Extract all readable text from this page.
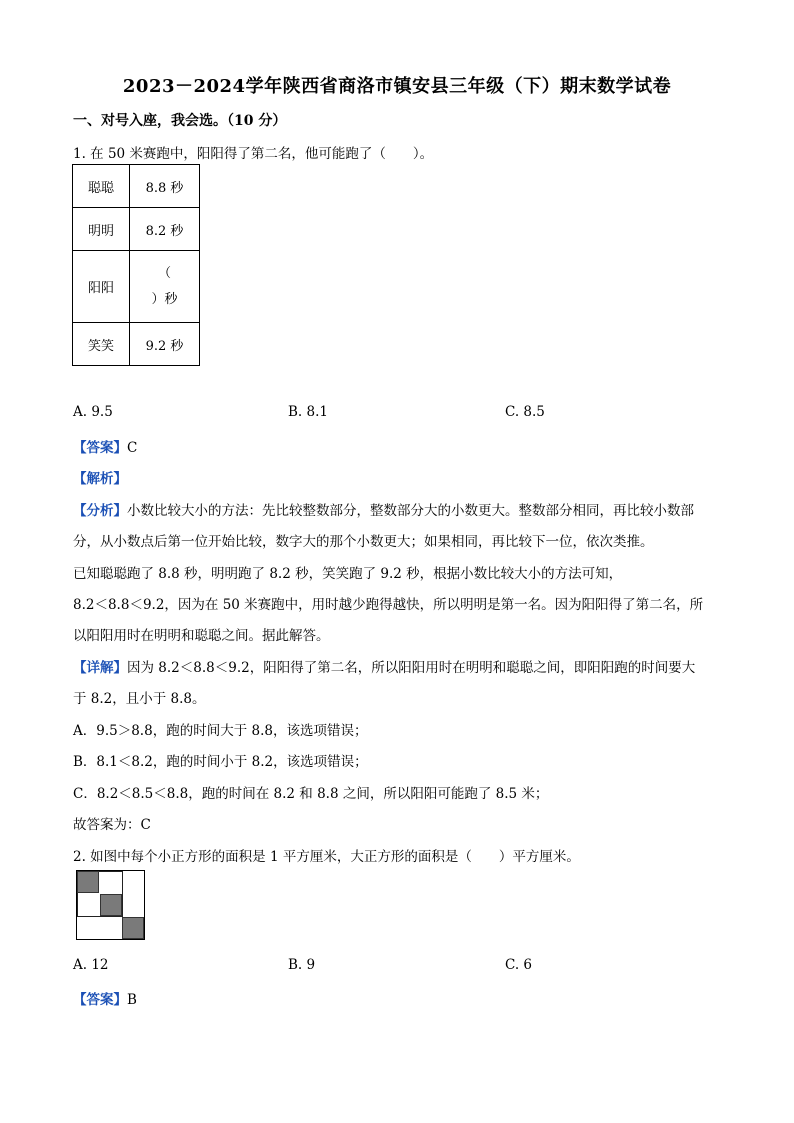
2023－2024学年陕西省商洛市镇安县三年级（下）期末数学试卷
一、对号入座，我会选。（10 分）
1. 在 50 米赛跑中，阳阳得了第二名，他可能跑了（　　）。
聪聪	8.8 秒
明明	8.2 秒
阳阳	（
）秒

笑笑	9.2 秒
A. 9.5	B. 8.1	C. 8.5
【答案】C
【解析】
【分析】小数比较大小的方法：先比较整数部分，整数部分大的小数更大。整数部分相同，再比较小数部
分，从小数点后第一位开始比较，数字大的那个小数更大；如果相同，再比较下一位，依次类推。
已知聪聪跑了 8.8 秒，明明跑了 8.2 秒，笑笑跑了 9.2 秒，根据小数比较大小的方法可知，
8.2＜8.8＜9.2，因为在 50 米赛跑中，用时越少跑得越快，所以明明是第一名。因为阳阳得了第二名，所
以阳阳用时在明明和聪聪之间。据此解答。
【详解】因为 8.2＜8.8＜9.2，阳阳得了第二名，所以阳阳用时在明明和聪聪之间，即阳阳跑的时间要大
于 8.2，且小于 8.8。
A．9.5＞8.8，跑的时间大于 8.8，该选项错误；
B．8.1＜8.2，跑的时间小于 8.2，该选项错误；
C．8.2＜8.5＜8.8，跑的时间在 8.2 和 8.8 之间，所以阳阳可能跑了 8.5 米；
故答案为：C
2. 如图中每个小正方形的面积是 1 平方厘米，大正方形的面积是（　　）平方厘米。
A. 12	B. 9	C. 6
【答案】B
